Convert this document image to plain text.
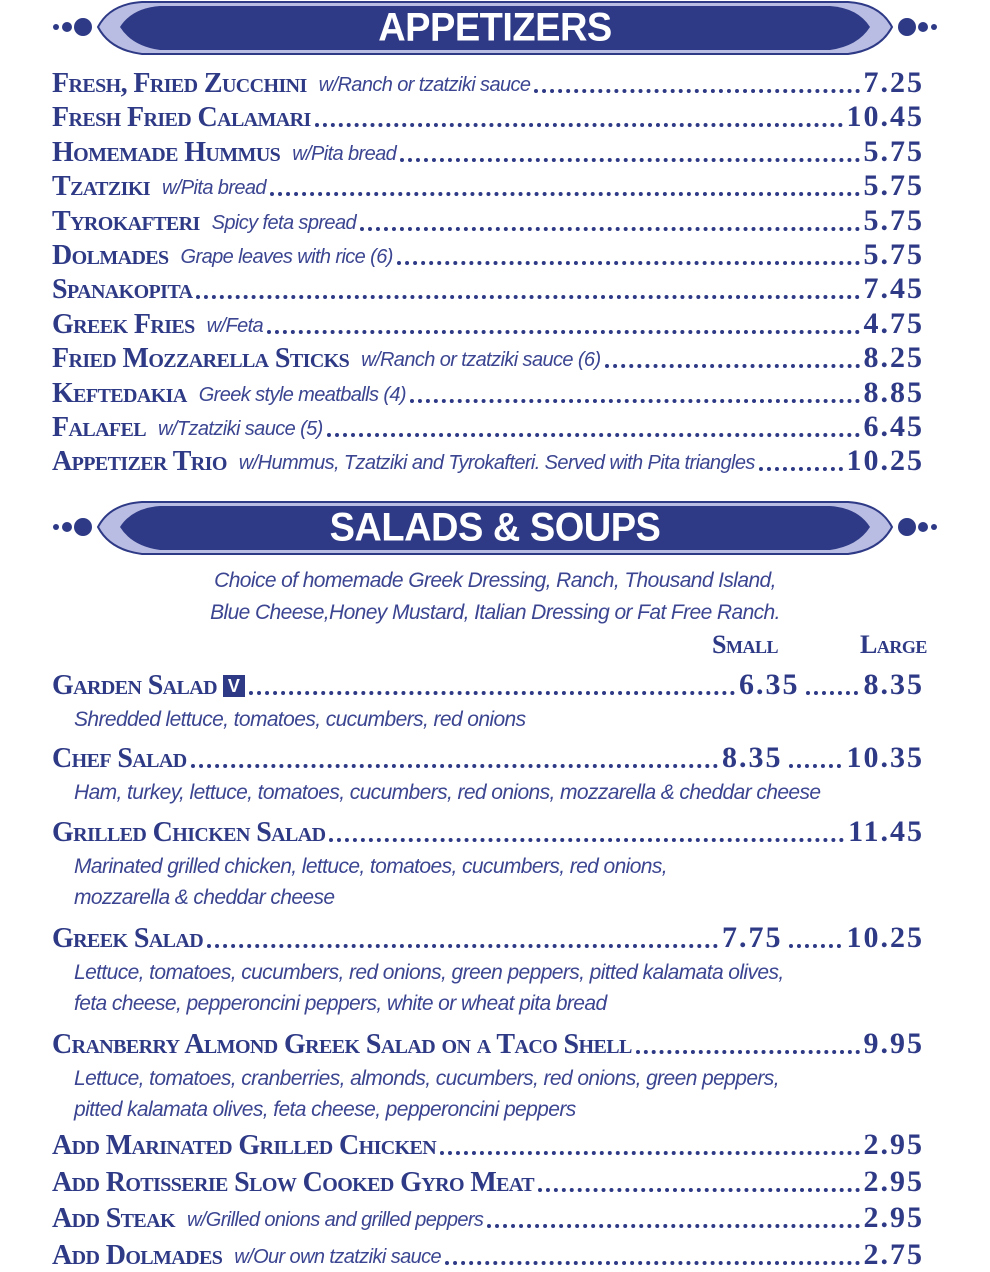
APPETIZERS
Fresh, Fried Zucchini w/Ranch or tzatziki sauce	7.25
Fresh Fried Calamari	10.45
Homemade Hummus w/Pita bread	5.75
Tzatziki w/Pita bread	5.75
Tyrokafteri Spicy feta spread	5.75
Dolmades Grape leaves with rice (6)	5.75
Spanakopita	7.45
Greek Fries w/Feta	4.75
Fried Mozzarella Sticks w/Ranch or tzatziki sauce (6)	8.25
Keftedakia Greek style meatballs (4)	8.85
Falafel w/Tzatziki sauce (5)	6.45
Appetizer Trio w/Hummus, Tzatziki and Tyrokafteri. Served with Pita triangles	10.25
SALADS & SOUPS
Choice of homemade Greek Dressing, Ranch, Thousand Island,
Blue Cheese,Honey Mustard, Italian Dressing or Fat Free Ranch.
Small	Large
Garden Salad V	6.35 8.35
Shredded lettuce, tomatoes, cucumbers, red onions
Chef Salad	8.35 10.35
Ham, turkey, lettuce, tomatoes, cucumbers, red onions, mozzarella & cheddar cheese
Grilled Chicken Salad	11.45
Marinated grilled chicken, lettuce, tomatoes, cucumbers, red onions,
mozzarella & cheddar cheese
Greek Salad	7.75 10.25
Lettuce, tomatoes, cucumbers, red onions, green peppers, pitted kalamata olives,
feta cheese, pepperoncini peppers, white or wheat pita bread
Cranberry Almond Greek Salad on a Taco Shell	9.95
Lettuce, tomatoes, cranberries, almonds, cucumbers, red onions, green peppers,
pitted kalamata olives, feta cheese, pepperoncini peppers
Add Marinated Grilled Chicken	2.95
Add Rotisserie Slow Cooked Gyro Meat	2.95
Add Steak w/Grilled onions and grilled peppers	2.95
Add Dolmades w/Our own tzatziki sauce	2.75
